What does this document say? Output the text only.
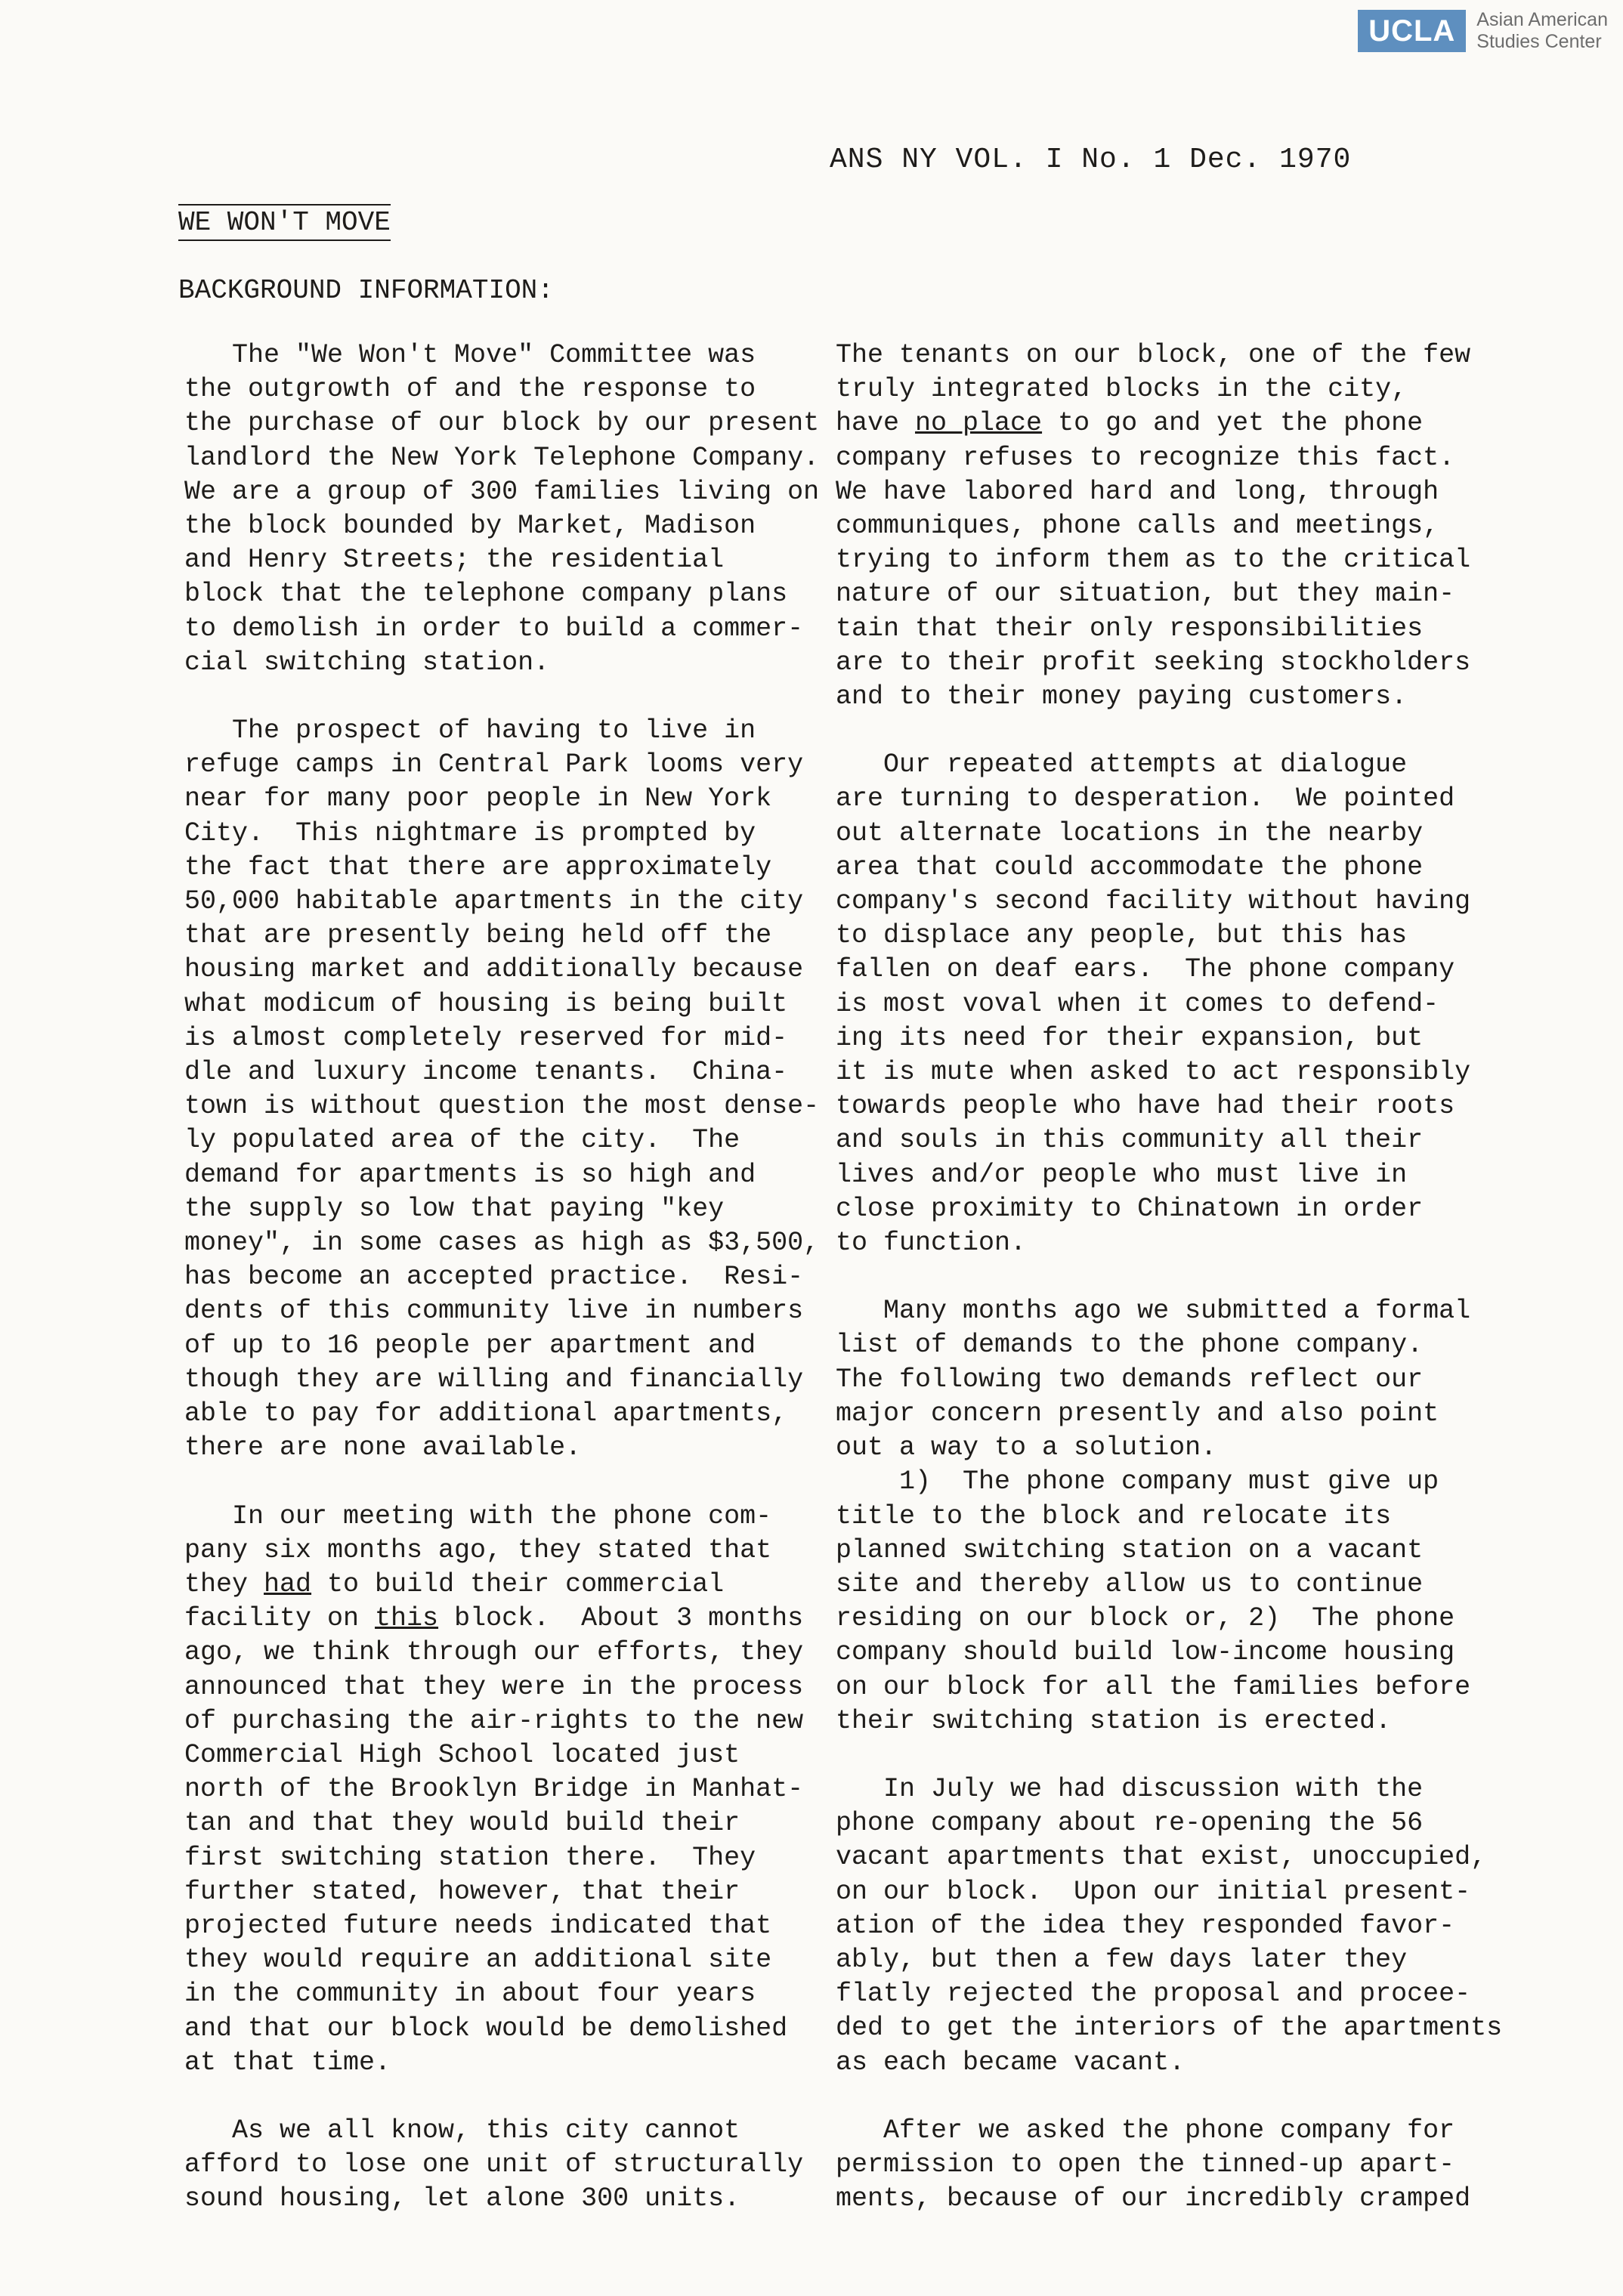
UCLA	Asian American
Studies Center
ANS NY VOL. I No. 1 Dec. 1970
WE WON'T MOVE
BACKGROUND INFORMATION:
The "We Won't Move" Committee was
the outgrowth of and the response to
the purchase of our block by our present
landlord the New York Telephone Company.
We are a group of 300 families living on
the block bounded by Market, Madison
and Henry Streets; the residential
block that the telephone company plans
to demolish in order to build a commer-
cial switching station.
The prospect of having to live in
refuge camps in Central Park looms very
near for many poor people in New York
City.  This nightmare is prompted by
the fact that there are approximately
50,000 habitable apartments in the city
that are presently being held off the
housing market and additionally because
what modicum of housing is being built
is almost completely reserved for mid-
dle and luxury income tenants.  China-
town is without question the most dense-
ly populated area of the city.  The
demand for apartments is so high and
the supply so low that paying "key
money", in some cases as high as $3,500,
has become an accepted practice.  Resi-
dents of this community live in numbers
of up to 16 people per apartment and
though they are willing and financially
able to pay for additional apartments,
there are none available.
In our meeting with the phone com-
pany six months ago, they stated that
they had to build their commercial
facility on this block.  About 3 months
ago, we think through our efforts, they
announced that they were in the process
of purchasing the air-rights to the new
Commercial High School located just
north of the Brooklyn Bridge in Manhat-
tan and that they would build their
first switching station there.  They
further stated, however, that their
projected future needs indicated that
they would require an additional site
in the community in about four years
and that our block would be demolished
at that time.
As we all know, this city cannot
afford to lose one unit of structurally
sound housing, let alone 300 units.
The tenants on our block, one of the few
truly integrated blocks in the city,
have no place to go and yet the phone
company refuses to recognize this fact.
We have labored hard and long, through
communiques, phone calls and meetings,
trying to inform them as to the critical
nature of our situation, but they main-
tain that their only responsibilities
are to their profit seeking stockholders
and to their money paying customers.
Our repeated attempts at dialogue
are turning to desperation.  We pointed
out alternate locations in the nearby
area that could accommodate the phone
company's second facility without having
to displace any people, but this has
fallen on deaf ears.  The phone company
is most voval when it comes to defend-
ing its need for their expansion, but
it is mute when asked to act responsibly
towards people who have had their roots
and souls in this community all their
lives and/or people who must live in
close proximity to Chinatown in order
to function.
Many months ago we submitted a formal
list of demands to the phone company.
The following two demands reflect our
major concern presently and also point
out a way to a solution.
1)  The phone company must give up
title to the block and relocate its
planned switching station on a vacant
site and thereby allow us to continue
residing on our block or, 2)  The phone
company should build low-income housing
on our block for all the families before
their switching station is erected.
In July we had discussion with the
phone company about re-opening the 56
vacant apartments that exist, unoccupied,
on our block.  Upon our initial present-
ation of the idea they responded favor-
ably, but then a few days later they
flatly rejected the proposal and procee-
ded to get the interiors of the apartments
as each became vacant.
After we asked the phone company for
permission to open the tinned-up apart-
ments, because of our incredibly cramped
